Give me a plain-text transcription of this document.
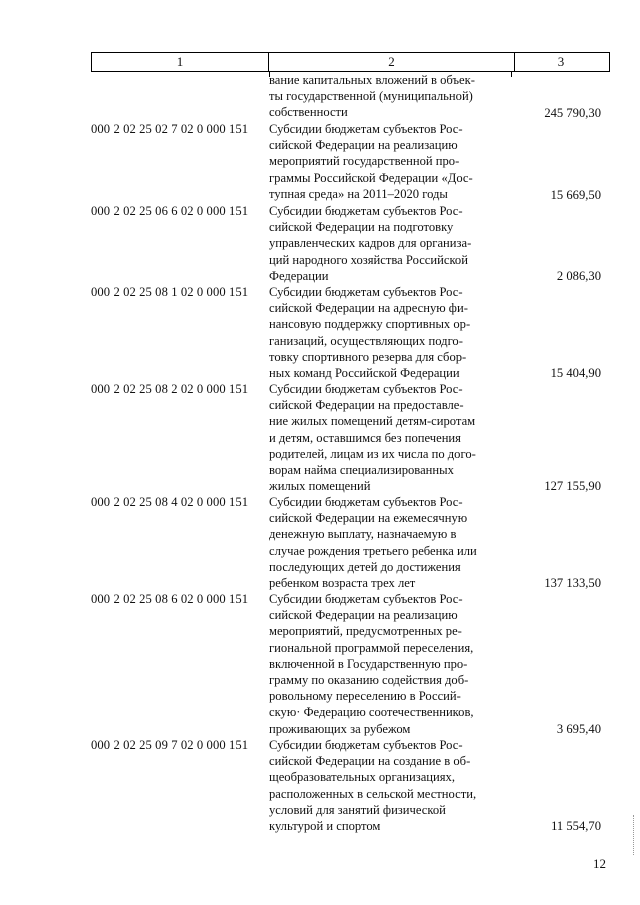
1	2	3
вание капитальных вложений в объек-
ты государственной (муниципальной)
собственности	245 790,30
000 2 02 25 02 7 02 0 000 151	Субсидии бюджетам субъектов Рос-
сийской Федерации на реализацию
мероприятий государственной про-
граммы Российской Федерации «Дос-
тупная среда» на 2011–2020 годы	15 669,50
000 2 02 25 06 6 02 0 000 151	Субсидии бюджетам субъектов Рос-
сийской Федерации на подготовку
управленческих кадров для организа-
ций народного хозяйства Российской
Федерации	2 086,30
000 2 02 25 08 1 02 0 000 151	Субсидии бюджетам субъектов Рос-
сийской Федерации на адресную фи-
нансовую поддержку спортивных ор-
ганизаций, осуществляющих подго-
товку спортивного резерва для сбор-
ных команд Российской Федерации	15 404,90
000 2 02 25 08 2 02 0 000 151	Субсидии бюджетам субъектов Рос-
сийской Федерации на предоставле-
ние жилых помещений детям-сиротам
и детям, оставшимся без попечения
родителей, лицам из их числа по дого-
ворам найма специализированных
жилых помещений	127 155,90
000 2 02 25 08 4 02 0 000 151	Субсидии бюджетам субъектов Рос-
сийской Федерации на ежемесячную
денежную выплату, назначаемую в
случае рождения третьего ребенка или
последующих детей до достижения
ребенком возраста трех лет	137 133,50
000 2 02 25 08 6 02 0 000 151	Субсидии бюджетам субъектов Рос-
сийской Федерации на реализацию
мероприятий, предусмотренных ре-
гиональной программой переселения,
включенной в Государственную про-
грамму по оказанию содействия доб-
ровольному переселению в Россий-
скую· Федерацию соотечественников,
проживающих за рубежом	3 695,40
000 2 02 25 09 7 02 0 000 151	Субсидии бюджетам субъектов Рос-
сийской Федерации на создание в об-
щеобразовательных организациях,
расположенных в сельской местности,
условий для занятий физической
культурой и спортом	11 554,70
12
